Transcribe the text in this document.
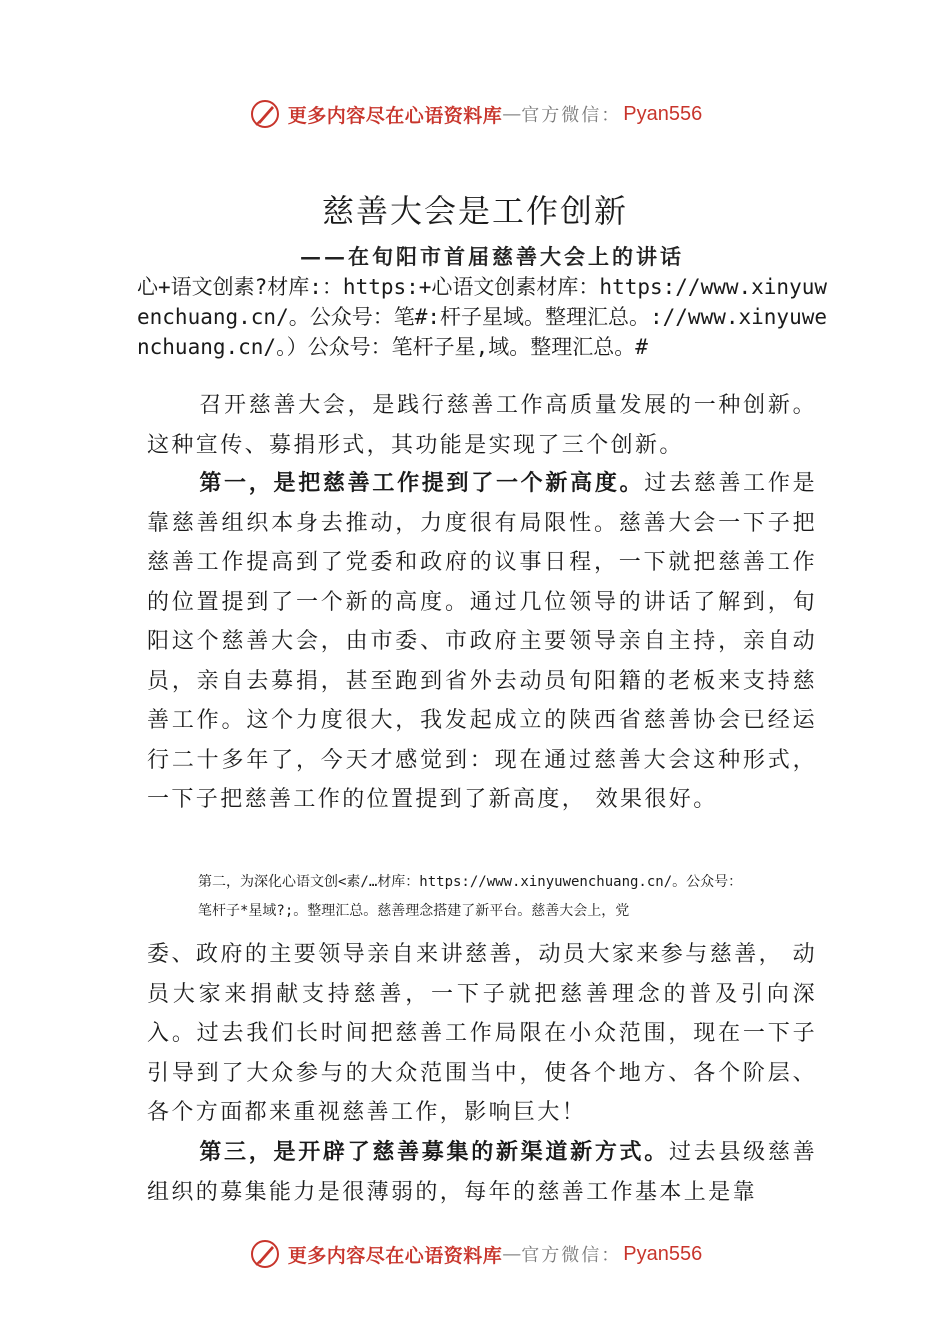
更多内容尽在心语资料库 — 官方微信： Pyan556
慈善大会是工作创新
——在旬阳市首届慈善大会上的讲话
心+语文创素?材库:：https:+心语文创素材库：https://www.xinyuwenchuang.cn/。公众号：笔#:杆子星域。整理汇总。://www.xinyuwenchuang.cn/。）公众号：笔杆子星,域。整理汇总。#
召开慈善大会，是践行慈善工作高质量发展的一种创新。这种宣传、募捐形式，其功能是实现了三个创新。
第一，是把慈善工作提到了一个新高度。过去慈善工作是靠慈善组织本身去推动，力度很有局限性。慈善大会一下子把慈善工作提高到了党委和政府的议事日程，一下就把慈善工作的位置提到了一个新的高度。通过几位领导的讲话了解到，旬阳这个慈善大会，由市委、市政府主要领导亲自主持，亲自动员，亲自去募捐，甚至跑到省外去动员旬阳籍的老板来支持慈善工作。这个力度很大，我发起成立的陕西省慈善协会已经运行二十多年了，今天才感觉到：现在通过慈善大会这种形式，一下子把慈善工作的位置提到了新高度， 效果很好。
第二，为深化心语文创<素/…材库：https://www.xinyuwenchuang.cn/。公众号：
笔杆子*星域?;。整理汇总。慈善理念搭建了新平台。慈善大会上，党
委、政府的主要领导亲自来讲慈善，动员大家来参与慈善， 动员大家来捐献支持慈善，一下子就把慈善理念的普及引向深入。过去我们长时间把慈善工作局限在小众范围，现在一下子引导到了大众参与的大众范围当中，使各个地方、各个阶层、各个方面都来重视慈善工作，影响巨大！
第三，是开辟了慈善募集的新渠道新方式。过去县级慈善组织的募集能力是很薄弱的，每年的慈善工作基本上是靠
更多内容尽在心语资料库 — 官方微信： Pyan556
